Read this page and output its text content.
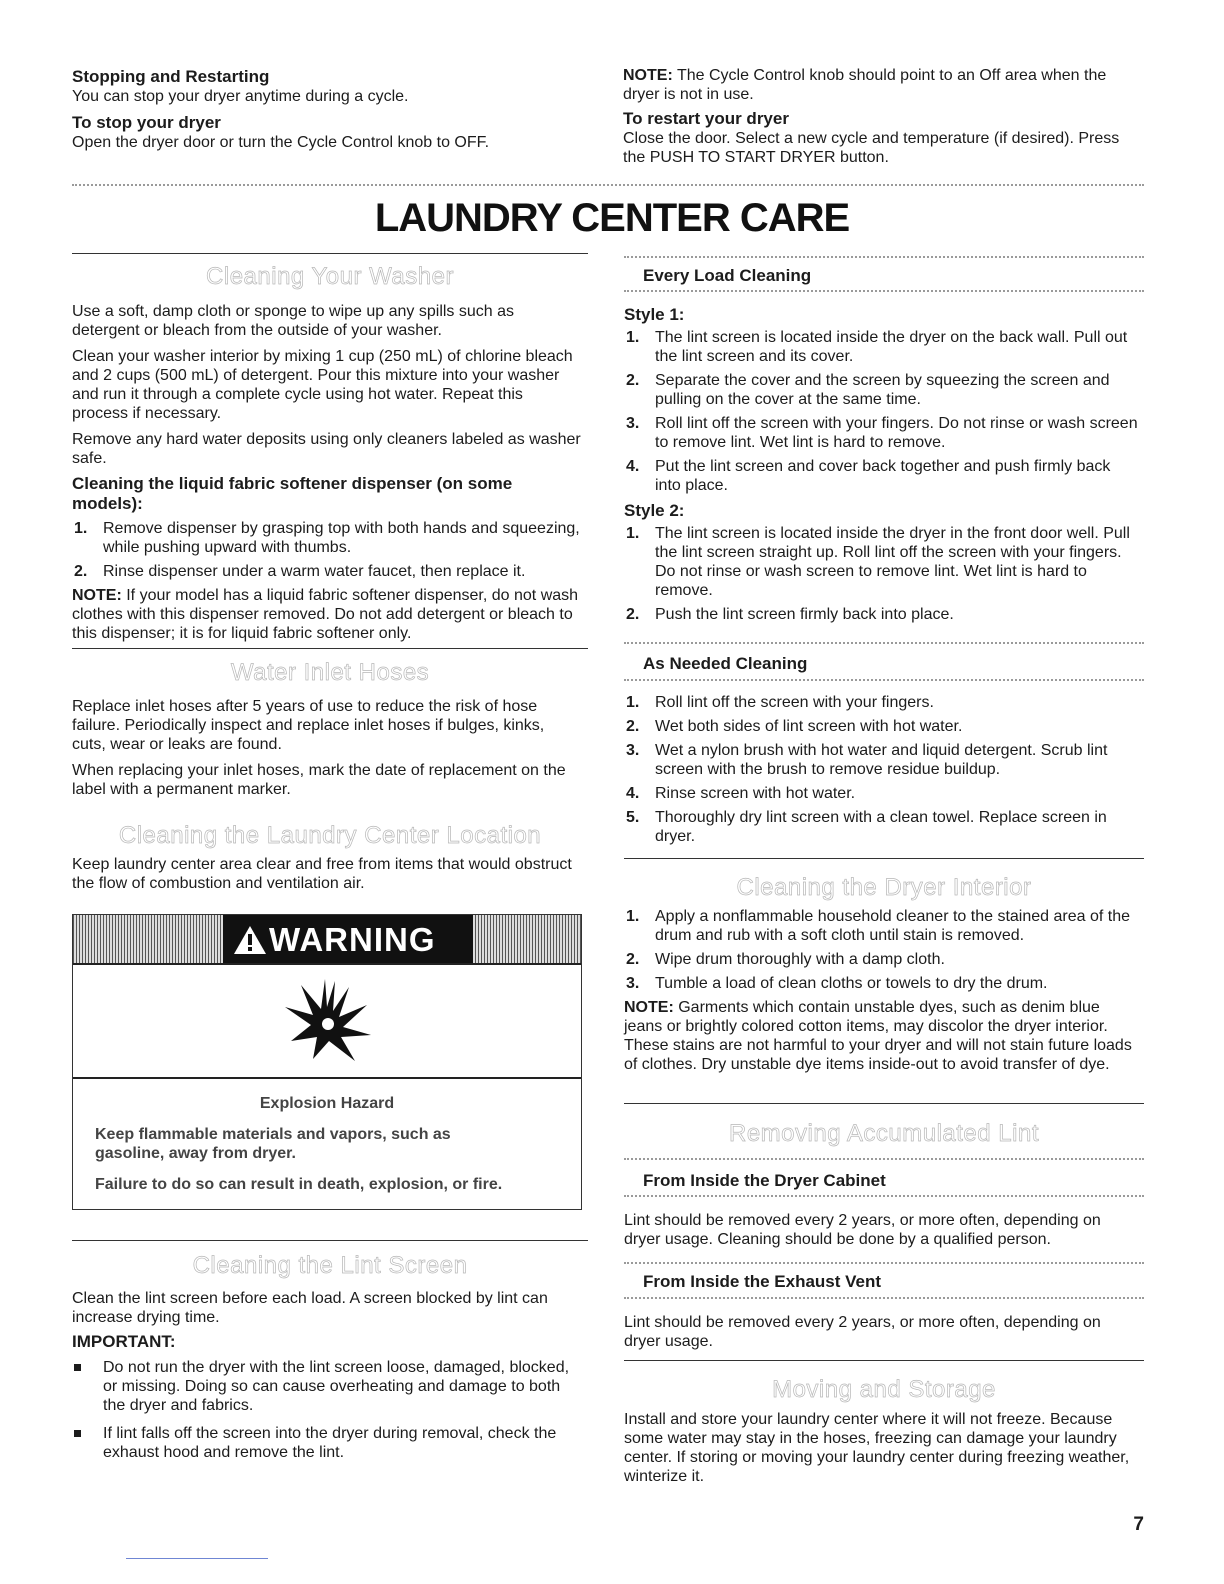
Stopping and Restarting

You can stop your dryer anytime during a cycle.

To stop your dryer

Open the dryer door or turn the Cycle Control knob to OFF.

NOTE: The Cycle Control knob should point to an Off area when the dryer is not in use.

To restart your dryer

Close the door. Select a new cycle and temperature (if desired). Press the PUSH TO START DRYER button.

LAUNDRY CENTER CARE
Cleaning Your Washer

Use a soft, damp cloth or sponge to wipe up any spills such as detergent or bleach from the outside of your washer.

Clean your washer interior by mixing 1 cup (250 mL) of chlorine bleach and 2 cups (500 mL) of detergent. Pour this mixture into your washer and run it through a complete cycle using hot water. Repeat this process if necessary.

Remove any hard water deposits using only cleaners labeled as washer safe.

Cleaning the liquid fabric softener dispenser (on some models):

1. Remove dispenser by grasping top with both hands and squeezing, while pushing upward with thumbs.
2. Rinse dispenser under a warm water faucet, then replace it.

NOTE: If your model has a liquid fabric softener dispenser, do not wash clothes with this dispenser removed. Do not add detergent or bleach to this dispenser; it is for liquid fabric softener only.

Water Inlet Hoses

Replace inlet hoses after 5 years of use to reduce the risk of hose failure. Periodically inspect and replace inlet hoses if bulges, kinks, cuts, wear or leaks are found.

When replacing your inlet hoses, mark the date of replacement on the label with a permanent marker.

Cleaning the Laundry Center Location

Keep laundry center area clear and free from items that would obstruct the flow of combustion and ventilation air.

WARNING
Explosion Hazard
Keep flammable materials and vapors, such as gasoline, away from dryer.
Failure to do so can result in death, explosion, or fire.
Cleaning the Lint Screen

Clean the lint screen before each load. A screen blocked by lint can increase drying time.

IMPORTANT:

Do not run the dryer with the lint screen loose, damaged, blocked, or missing. Doing so can cause overheating and damage to both the dryer and fabrics.
If lint falls off the screen into the dryer during removal, check the exhaust hood and remove the lint.
Every Load Cleaning

Style 1:

1. The lint screen is located inside the dryer on the back wall. Pull out the lint screen and its cover.
2. Separate the cover and the screen by squeezing the screen and pulling on the cover at the same time.
3. Roll lint off the screen with your fingers. Do not rinse or wash screen to remove lint. Wet lint is hard to remove.
4. Put the lint screen and cover back together and push firmly back into place.

Style 2:

1. The lint screen is located inside the dryer in the front door well. Pull the lint screen straight up. Roll lint off the screen with your fingers. Do not rinse or wash screen to remove lint. Wet lint is hard to remove.
2. Push the lint screen firmly back into place.
As Needed Cleaning
1. Roll lint off the screen with your fingers.
2. Wet both sides of lint screen with hot water.
3. Wet a nylon brush with hot water and liquid detergent. Scrub lint screen with the brush to remove residue buildup.
4. Rinse screen with hot water.
5. Thoroughly dry lint screen with a clean towel. Replace screen in dryer.
Cleaning the Dryer Interior
1. Apply a nonflammable household cleaner to the stained area of the drum and rub with a soft cloth until stain is removed.
2. Wipe drum thoroughly with a damp cloth.
3. Tumble a load of clean cloths or towels to dry the drum.

NOTE: Garments which contain unstable dyes, such as denim blue jeans or brightly colored cotton items, may discolor the dryer interior. These stains are not harmful to your dryer and will not stain future loads of clothes. Dry unstable dye items inside-out to avoid transfer of dye.

Removing Accumulated Lint
From Inside the Dryer Cabinet
Lint should be removed every 2 years, or more often, depending on dryer usage. Cleaning should be done by a qualified person.
From Inside the Exhaust Vent
Lint should be removed every 2 years, or more often, depending on dryer usage.
Moving and Storage
Install and store your laundry center where it will not freeze. Because some water may stay in the hoses, freezing can damage your laundry center. If storing or moving your laundry center during freezing weather, winterize it.
7
